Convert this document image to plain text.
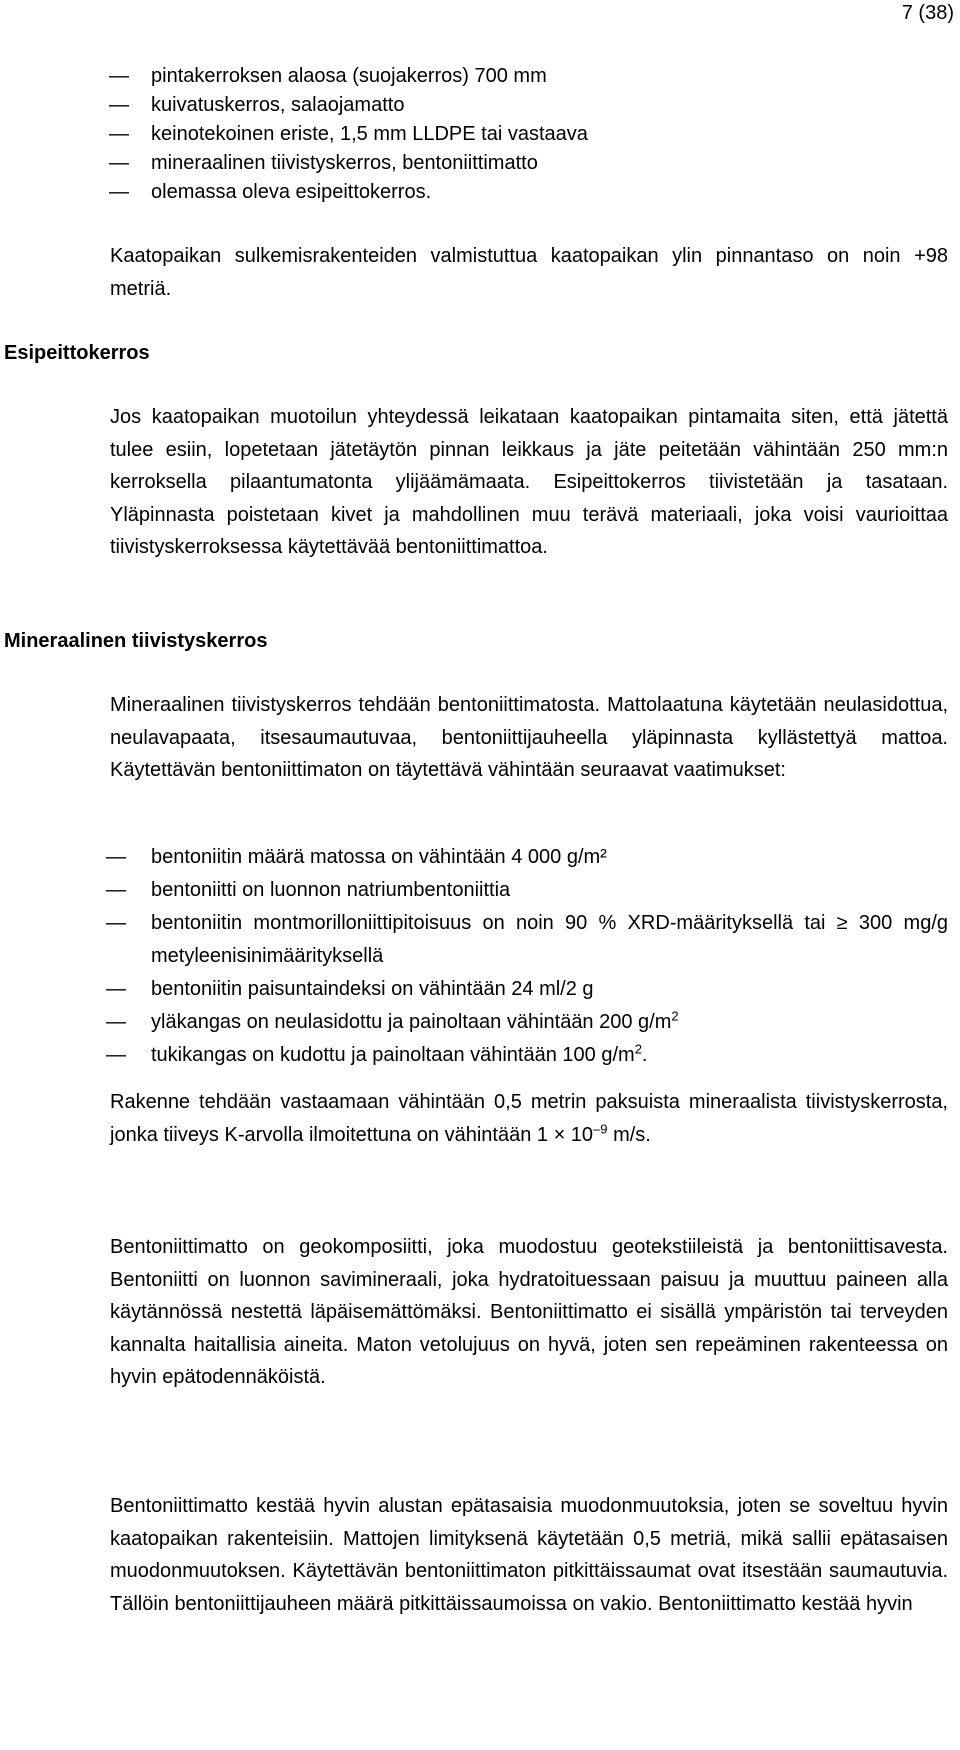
7 (38)
— pintakerroksen alaosa (suojakerros) 700 mm
— kuivatuskerros, salaojamatto
— keinotekoinen eriste, 1,5 mm LLDPE tai vastaava
— mineraalinen tiivistyskerros, bentoniittimatto
— olemassa oleva esipeittokerros.

Kaatopaikan sulkemisrakenteiden valmistuttua kaatopaikan ylin pinnantaso on noin +98 metriä.

Esipeittokerros

Jos kaatopaikan muotoilun yhteydessä leikataan kaatopaikan pintamaita siten, että jätettä tulee esiin, lopetetaan jätetäytön pinnan leikkaus ja jäte peitetään vähintään 250 mm:n kerroksella pilaantumatonta ylijäämämaata. Esipeittokerros tiivistetään ja tasataan. Yläpinnasta poistetaan kivet ja mahdollinen muu terävä materiaali, joka voisi vaurioittaa tiivistyskerroksessa käytettävää bentoniittimattoa.

Mineraalinen tiivistyskerros

Mineraalinen tiivistyskerros tehdään bentoniittimatosta. Mattolaatuna käytetään neulasidottua, neulavapaata, itsesaumautuvaa, bentoniittijauheella yläpinnasta kyllästettyä mattoa. Käytettävän bentoniittimaton on täytettävä vähintään seuraavat vaatimukset:

— bentoniitin määrä matossa on vähintään 4 000 g/m²
— bentoniitti on luonnon natriumbentoniittia
— bentoniitin montmorilloniittipitoisuus on noin 90 % XRD-määrityksellä tai ≥ 300 mg/g metyleenisinimäärityksellä
— bentoniitin paisuntaindeksi on vähintään 24 ml/2 g
— yläkangas on neulasidottu ja painoltaan vähintään 200 $g/m^2$
— tukikangas on kudottu ja painoltaan vähintään 100 $g/m^2$.

Rakenne tehdään vastaamaan vähintään 0,5 metrin paksuista mineraalista tiivistyskerrosta, jonka tiiveys K-arvolla ilmoitettuna on vähintään $1 \times 10^{-9}$ m/s.

Bentoniittimatto on geokomposiitti, joka muodostuu geotekstiileistä ja bentoniittisavesta. Bentoniitti on luonnon savimineraali, joka hydratoituessaan paisuu ja muuttuu paineen alla käytännössä nestettä läpäisemättömäksi. Bentoniittimatto ei sisällä ympäristön tai terveyden kannalta haitallisia aineita. Maton vetolujuus on hyvä, joten sen repeäminen rakenteessa on hyvin epätodennäköistä.

Bentoniittimatto kestää hyvin alustan epätasaisia muodonmuutoksia, joten se soveltuu hyvin kaatopaikan rakenteisiin. Mattojen limityksenä käytetään 0,5 metriä, mikä sallii epätasaisen muodonmuutoksen. Käytettävän bentoniittimaton pitkittäissaumat ovat itsestään saumautuvia. Tällöin bentoniittijauheen määrä pitkittäissaumoissa on vakio. Bentoniittimatto kestää hyvin
